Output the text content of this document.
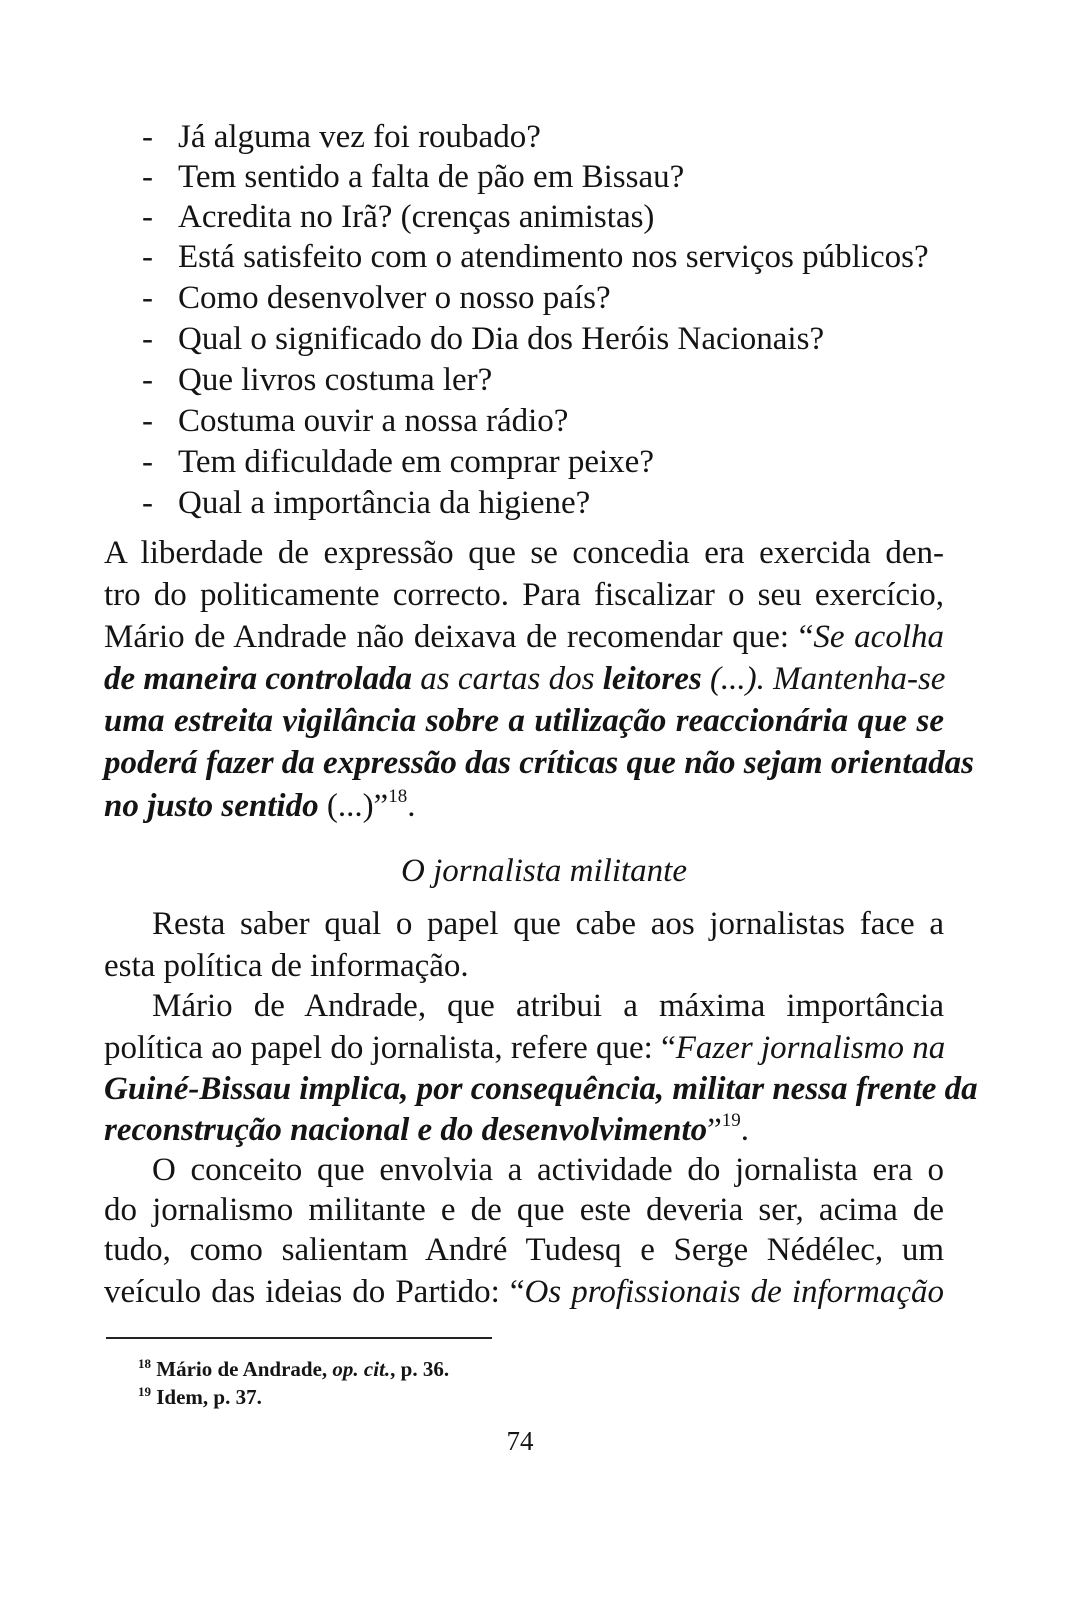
- Já alguma vez foi roubado?
- Tem sentido a falta de pão em Bissau?
- Acredita no Irã? (crenças animistas)
- Está satisfeito com o atendimento nos serviços públicos?
- Como desenvolver o nosso país?
- Qual o significado do Dia dos Heróis Nacionais?
- Que livros costuma ler?
- Costuma ouvir a nossa rádio?
- Tem dificuldade em comprar peixe?
- Qual a importância da higiene?
A liberdade de expressão que se concedia era exercida den-
tro do politicamente correcto. Para fiscalizar o seu exercício,
Mário de Andrade não deixava de recomendar que: “Se acolha
de maneira controlada as cartas dos leitores (...). Mantenha-se
uma estreita vigilância sobre a utilização reaccionária que se
poderá fazer da expressão das críticas que não sejam orientadas
no justo sentido (...)”$^{18}$.
O jornalista militante
Resta saber qual o papel que cabe aos jornalistas face a
esta política de informação.
Mário de Andrade, que atribui a máxima importância
política ao papel do jornalista, refere que: “Fazer jornalismo na
Guiné-Bissau implica, por consequência, militar nessa frente da
reconstrução nacional e do desenvolvimento”$^{19}$.
O conceito que envolvia a actividade do jornalista era o
do jornalismo militante e de que este deveria ser, acima de
tudo, como salientam André Tudesq e Serge Nédélec, um
veículo das ideias do Partido: “Os profissionais de informação
$^{18}$ Mário de Andrade, op. cit., p. 36.
$^{19}$ Idem, p. 37.
74
